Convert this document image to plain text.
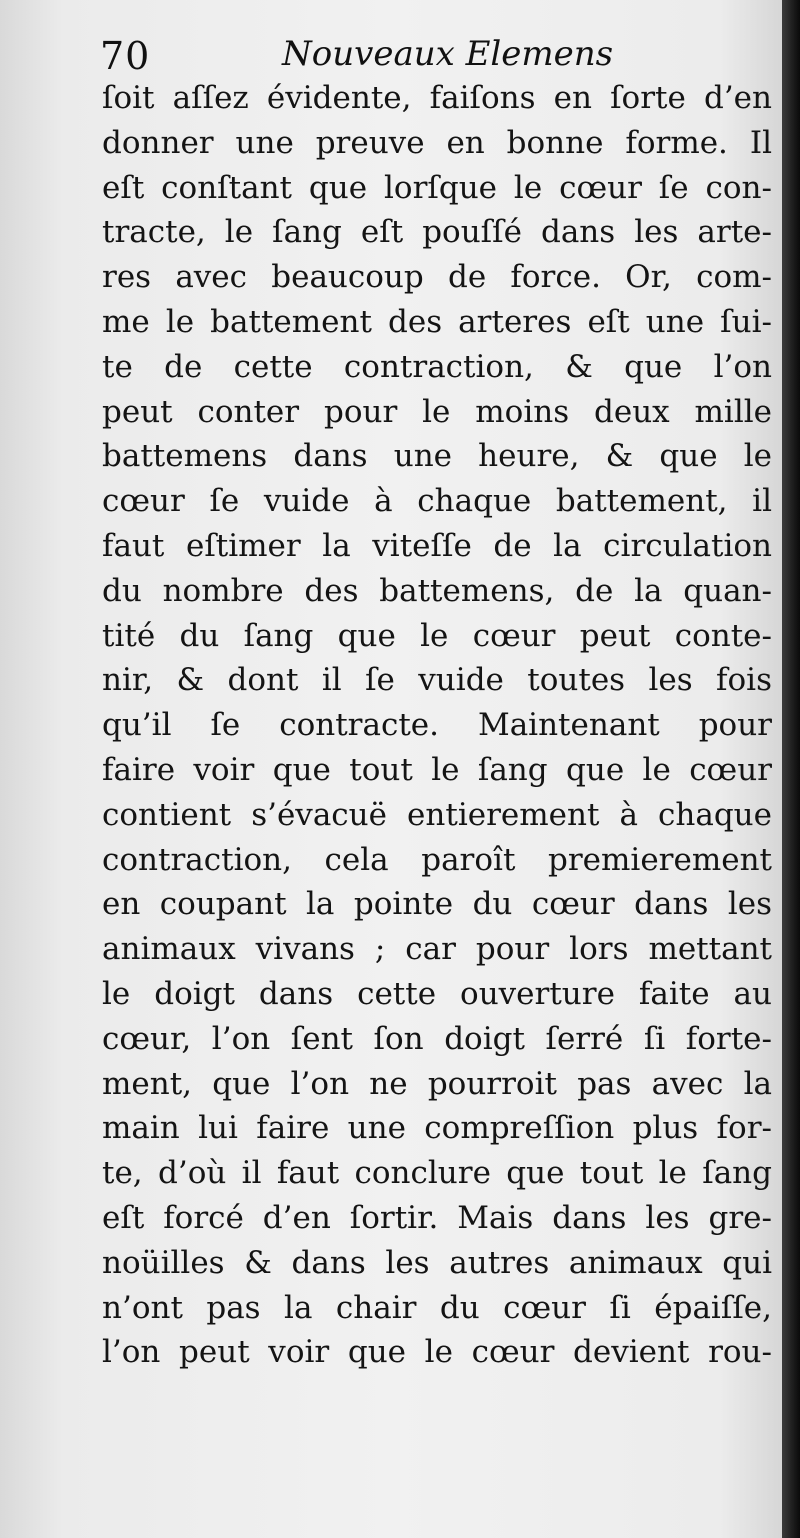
70	Nouveaux Elemens
ſoit aſſez évidente, faiſons en ſorte d’en
donner une preuve en bonne forme. Il
eſt conſtant que lorſque le cœur ſe con-
tracte, le ſang eſt pouſſé dans les arte-
res avec beaucoup de force. Or, com-
me le battement des arteres eſt une ſui-
te de cette contraction, & que l’on
peut conter pour le moins deux mille
battemens dans une heure, & que le
cœur ſe vuide à chaque battement, il
faut eſtimer la viteſſe de la circulation
du nombre des battemens, de la quan-
tité du ſang que le cœur peut conte-
nir, & dont il ſe vuide toutes les fois
qu’il ſe contracte. Maintenant pour
faire voir que tout le ſang que le cœur
contient s’évacuë entierement à chaque
contraction, cela paroît premierement
en coupant la pointe du cœur dans les
animaux vivans ; car pour lors mettant
le doigt dans cette ouverture faite au
cœur, l’on ſent ſon doigt ſerré ſi forte-
ment, que l’on ne pourroit pas avec la
main lui faire une compreſſion plus for-
te, d’où il faut conclure que tout le ſang
eſt forcé d’en ſortir. Mais dans les gre-
noüilles & dans les autres animaux qui
n’ont pas la chair du cœur ſi épaiſſe,
l’on peut voir que le cœur devient rou-
